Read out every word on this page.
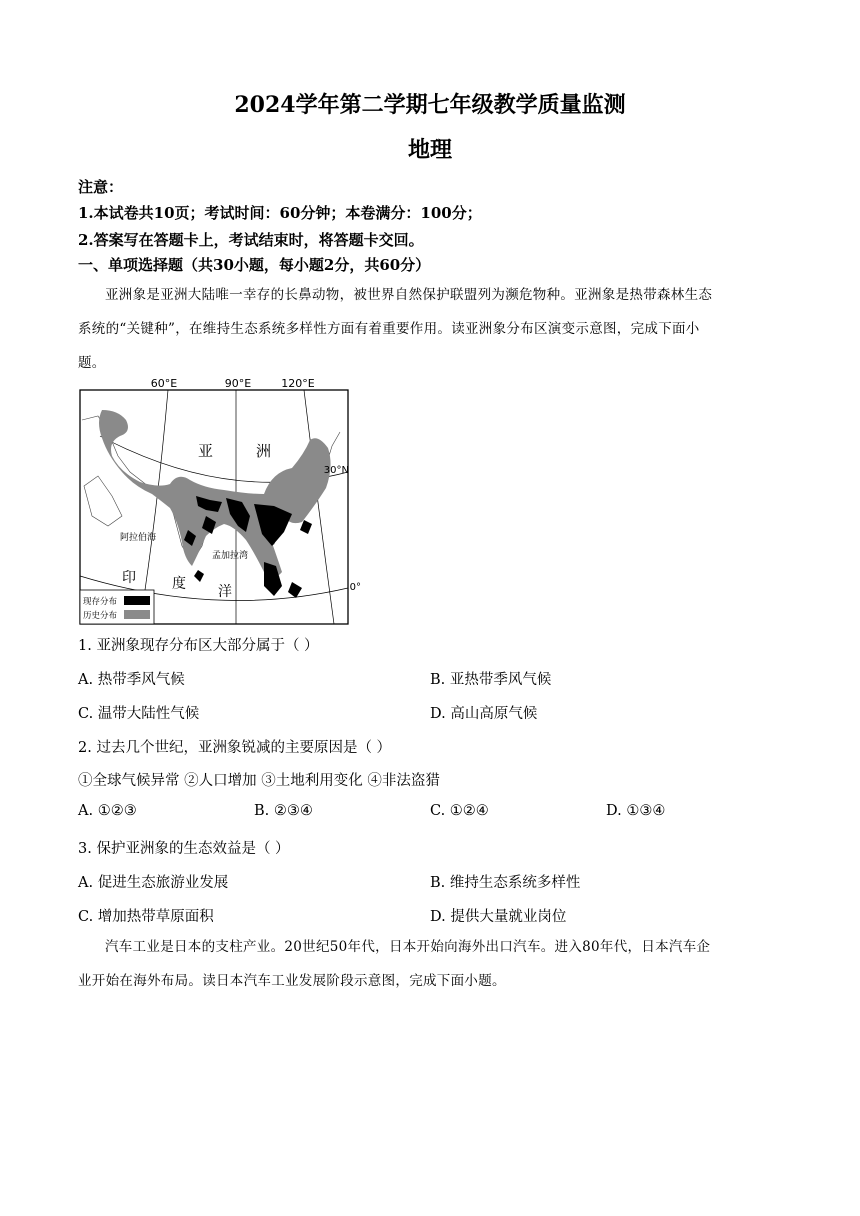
2024学年第二学期七年级教学质量监测
地理
注意：
1.本试卷共10页；考试时间：60分钟；本卷满分：100分；
2.答案写在答题卡上，考试结束时，将答题卡交回。
一、单项选择题（共30小题，每小题2分，共60分）
亚洲象是亚洲大陆唯一幸存的长鼻动物，被世界自然保护联盟列为濒危物种。亚洲象是热带森林生态
系统的“关键种”，在维持生态系统多样性方面有着重要作用。读亚洲象分布区演变示意图，完成下面小
题。
60°E	90°E	120°E
30°N
0°
亚	洲
阿拉伯海
孟加拉湾
印	度 洋
现存分布
历史分布
1. 亚洲象现存分布区大部分属于（ ）
A. 热带季风气候	B. 亚热带季风气候
C. 温带大陆性气候	D. 高山高原气候
2. 过去几个世纪，亚洲象锐减的主要原因是（ ）
①全球气候异常 ②人口增加 ③土地利用变化 ④非法盗猎
A. ①②③	B. ②③④	C. ①②④	D. ①③④
3. 保护亚洲象的生态效益是（ ）
A. 促进生态旅游业发展	B. 维持生态系统多样性
C. 增加热带草原面积	D. 提供大量就业岗位
汽车工业是日本的支柱产业。20世纪50年代，日本开始向海外出口汽车。进入80年代，日本汽车企
业开始在海外布局。读日本汽车工业发展阶段示意图，完成下面小题。
